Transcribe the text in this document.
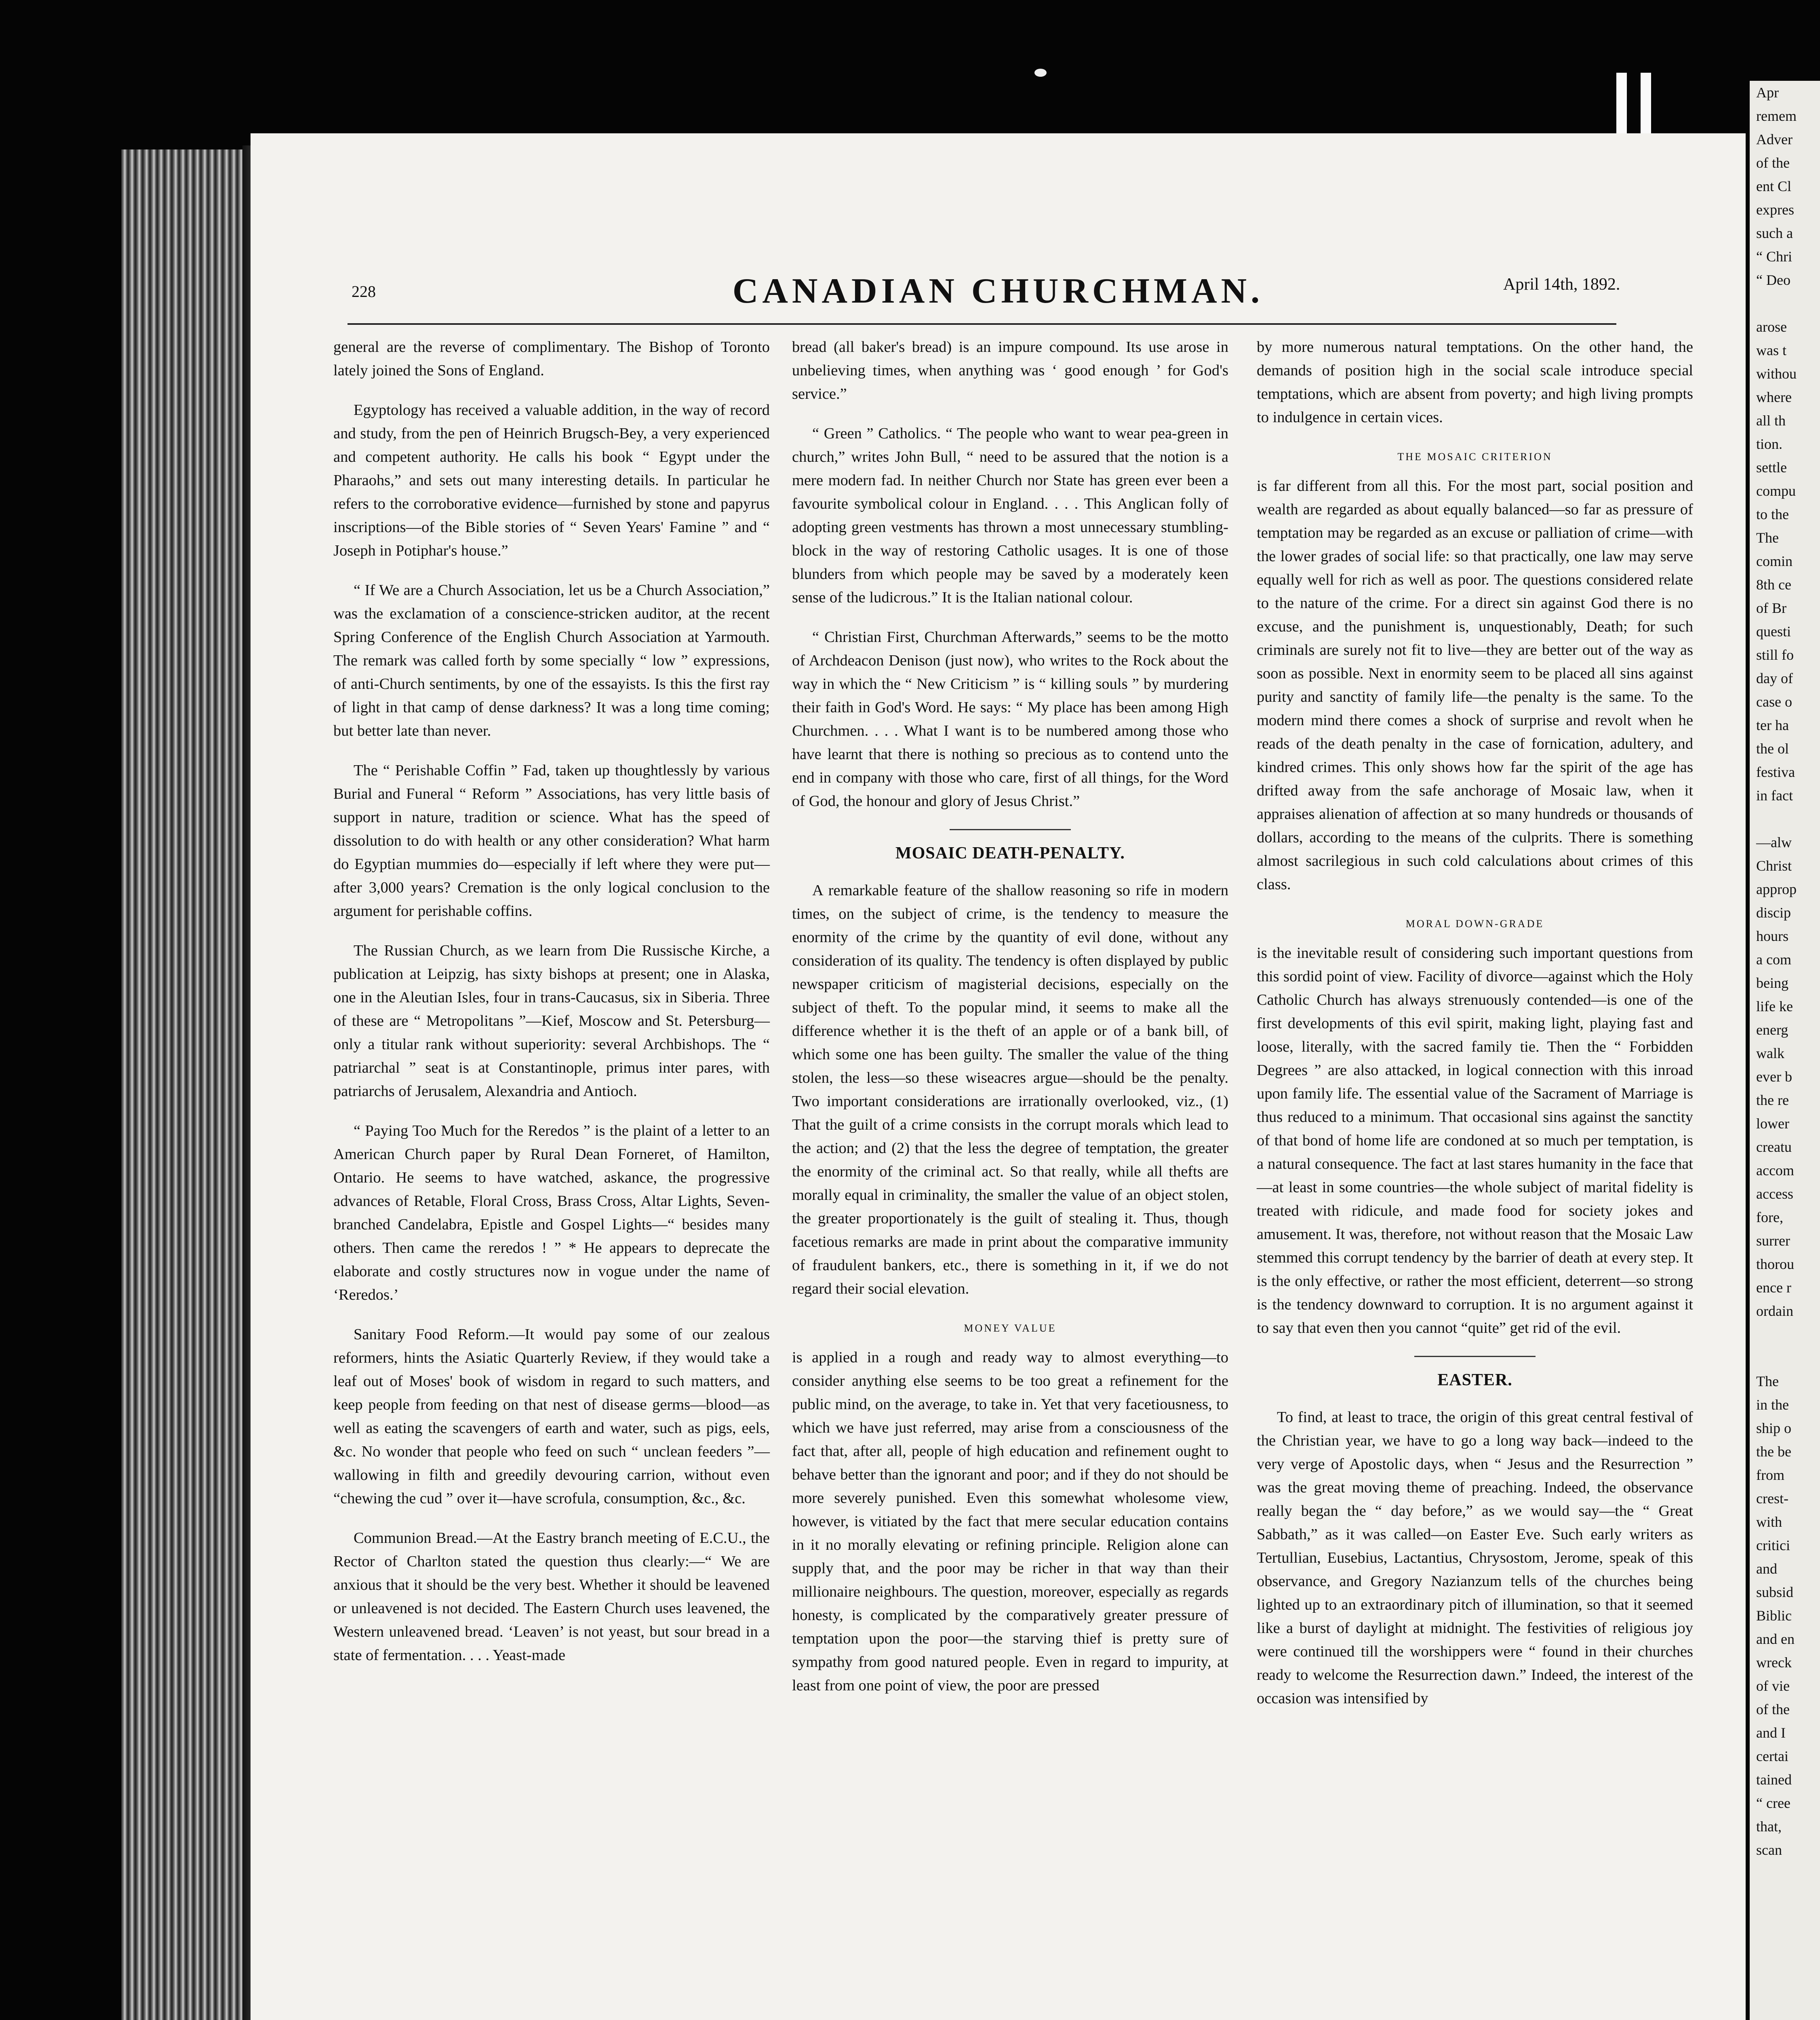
228	CANADIAN CHURCHMAN.	April 14th, 1892.

general are the reverse of complimentary. The Bishop of Toronto lately joined the Sons of England.

Egyptology has received a valuable addition, in the way of record and study, from the pen of Heinrich Brugsch-Bey, a very experienced and competent authority. He calls his book “ Egypt under the Pharaohs,” and sets out many interesting details. In particular he refers to the corroborative evidence—furnished by stone and papyrus inscriptions—of the Bible stories of “ Seven Years' Famine ” and “ Joseph in Potiphar's house.”

“ If We are a Church Association, let us be a Church Association,” was the exclamation of a conscience-stricken auditor, at the recent Spring Conference of the English Church Association at Yarmouth. The remark was called forth by some specially “ low ” expressions, of anti-Church sentiments, by one of the essayists. Is this the first ray of light in that camp of dense darkness? It was a long time coming; but better late than never.

The “ Perishable Coffin ” Fad, taken up thoughtlessly by various Burial and Funeral “ Reform ” Associations, has very little basis of support in nature, tradition or science. What has the speed of dissolution to do with health or any other consideration? What harm do Egyptian mummies do—especially if left where they were put—after 3,000 years? Cremation is the only logical conclusion to the argument for perishable coffins.

The Russian Church, as we learn from Die Russische Kirche, a publication at Leipzig, has sixty bishops at present; one in Alaska, one in the Aleutian Isles, four in trans-Caucasus, six in Siberia. Three of these are “ Metropolitans ”—Kief, Moscow and St. Petersburg—only a titular rank without superiority: several Archbishops. The “ patriarchal ” seat is at Constantinople, primus inter pares, with patriarchs of Jerusalem, Alexandria and Antioch.

“ Paying Too Much for the Reredos ” is the plaint of a letter to an American Church paper by Rural Dean Forneret, of Hamilton, Ontario. He seems to have watched, askance, the progressive advances of Retable, Floral Cross, Brass Cross, Altar Lights, Seven-branched Candelabra, Epistle and Gospel Lights—“ besides many others. Then came the reredos ! ” * He appears to deprecate the elaborate and costly structures now in vogue under the name of ‘Reredos.’

Sanitary Food Reform.—It would pay some of our zealous reformers, hints the Asiatic Quarterly Review, if they would take a leaf out of Moses' book of wisdom in regard to such matters, and keep people from feeding on that nest of disease germs—blood—as well as eating the scavengers of earth and water, such as pigs, eels, &c. No wonder that people who feed on such “ unclean feeders ”—wallowing in filth and greedily devouring carrion, without even “chewing the cud ” over it—have scrofula, consumption, &c., &c.

Communion Bread.—At the Eastry branch meeting of E.C.U., the Rector of Charlton stated the question thus clearly:—“ We are anxious that it should be the very best. Whether it should be leavened or unleavened is not decided. The Eastern Church uses leavened, the Western unleavened bread. ‘Leaven’ is not yeast, but sour bread in a state of fermentation. . . . Yeast-made

bread (all baker's bread) is an impure compound. Its use arose in unbelieving times, when anything was ‘ good enough ’ for God's service.”

“ Green ” Catholics. “ The people who want to wear pea-green in church,” writes John Bull, “ need to be assured that the notion is a mere modern fad. In neither Church nor State has green ever been a favourite symbolical colour in England. . . . This Anglican folly of adopting green vestments has thrown a most unnecessary stumbling-block in the way of restoring Catholic usages. It is one of those blunders from which people may be saved by a moderately keen sense of the ludicrous.” It is the Italian national colour.

“ Christian First, Churchman Afterwards,” seems to be the motto of Archdeacon Denison (just now), who writes to the Rock about the way in which the “ New Criticism ” is “ killing souls ” by murdering their faith in God's Word. He says: “ My place has been among High Churchmen. . . . What I want is to be numbered among those who have learnt that there is nothing so precious as to contend unto the end in company with those who care, first of all things, for the Word of God, the honour and glory of Jesus Christ.”

MOSAIC DEATH-PENALTY.

A remarkable feature of the shallow reasoning so rife in modern times, on the subject of crime, is the tendency to measure the enormity of the crime by the quantity of evil done, without any consideration of its quality. The tendency is often displayed by public newspaper criticism of magisterial decisions, especially on the subject of theft. To the popular mind, it seems to make all the difference whether it is the theft of an apple or of a bank bill, of which some one has been guilty. The smaller the value of the thing stolen, the less—so these wiseacres argue—should be the penalty. Two important considerations are irrationally overlooked, viz., (1) That the guilt of a crime consists in the corrupt morals which lead to the action; and (2) that the less the degree of temptation, the greater the enormity of the criminal act. So that really, while all thefts are morally equal in criminality, the smaller the value of an object stolen, the greater proportionately is the guilt of stealing it. Thus, though facetious remarks are made in print about the comparative immunity of fraudulent bankers, etc., there is something in it, if we do not regard their social elevation.

MONEY VALUE

is applied in a rough and ready way to almost everything—to consider anything else seems to be too great a refinement for the public mind, on the average, to take in. Yet that very facetiousness, to which we have just referred, may arise from a consciousness of the fact that, after all, people of high education and refinement ought to behave better than the ignorant and poor; and if they do not should be more severely punished. Even this somewhat wholesome view, however, is vitiated by the fact that mere secular education contains in it no morally elevating or refining principle. Religion alone can supply that, and the poor may be richer in that way than their millionaire neighbours. The question, moreover, especially as regards honesty, is complicated by the comparatively greater pressure of temptation upon the poor—the starving thief is pretty sure of sympathy from good natured people. Even in regard to impurity, at least from one point of view, the poor are pressed

by more numerous natural temptations. On the other hand, the demands of position high in the social scale introduce special temptations, which are absent from poverty; and high living prompts to indulgence in certain vices.

THE MOSAIC CRITERION

is far different from all this. For the most part, social position and wealth are regarded as about equally balanced—so far as pressure of temptation may be regarded as an excuse or palliation of crime—with the lower grades of social life: so that practically, one law may serve equally well for rich as well as poor. The questions considered relate to the nature of the crime. For a direct sin against God there is no excuse, and the punishment is, unquestionably, Death; for such criminals are surely not fit to live—they are better out of the way as soon as possible. Next in enormity seem to be placed all sins against purity and sanctity of family life—the penalty is the same. To the modern mind there comes a shock of surprise and revolt when he reads of the death penalty in the case of fornication, adultery, and kindred crimes. This only shows how far the spirit of the age has drifted away from the safe anchorage of Mosaic law, when it appraises alienation of affection at so many hundreds or thousands of dollars, according to the means of the culprits. There is something almost sacrilegious in such cold calculations about crimes of this class.

MORAL DOWN-GRADE

is the inevitable result of considering such important questions from this sordid point of view. Facility of divorce—against which the Holy Catholic Church has always strenuously contended—is one of the first developments of this evil spirit, making light, playing fast and loose, literally, with the sacred family tie. Then the “ Forbidden Degrees ” are also attacked, in logical connection with this inroad upon family life. The essential value of the Sacrament of Marriage is thus reduced to a minimum. That occasional sins against the sanctity of that bond of home life are condoned at so much per temptation, is a natural consequence. The fact at last stares humanity in the face that—at least in some countries—the whole subject of marital fidelity is treated with ridicule, and made food for society jokes and amusement. It was, therefore, not without reason that the Mosaic Law stemmed this corrupt tendency by the barrier of death at every step. It is the only effective, or rather the most efficient, deterrent—so strong is the tendency downward to corruption. It is no argument against it to say that even then you cannot “quite” get rid of the evil.

EASTER.

To find, at least to trace, the origin of this great central festival of the Christian year, we have to go a long way back—indeed to the very verge of Apostolic days, when “ Jesus and the Resurrection ” was the great moving theme of preaching. Indeed, the observance really began the “ day before,” as we would say—the “ Great Sabbath,” as it was called—on Easter Eve. Such early writers as Tertullian, Eusebius, Lactantius, Chrysostom, Jerome, speak of this observance, and Gregory Nazianzum tells of the churches being lighted up to an extraordinary pitch of illumination, so that it seemed like a burst of daylight at midnight. The festivities of religious joy were continued till the worshippers were “ found in their churches ready to welcome the Resurrection dawn.” Indeed, the interest of the occasion was intensified by

Apr
remem
Adver
of the
ent Cl
expres
such a
“ Chri
“ Deo
arose
was t
withou
where
all th
tion.
settle
compu
to the
The
comin
8th ce
of Br
questi
still fo
day of
case o
ter ha
the ol
festiva
in fact
—alw
Christ
approp
discip
hours
a com
being
life ke
energ
walk
ever b
the re
lower
creatu
accom
access
fore,
surrer
thorou
ence r
ordain
The
in the
ship o
the be
from
crest-
with
critici
and
subsid
Biblic
and en
wreck
of vie
of the
and I
certai
tained
“ cree
that,
scan
